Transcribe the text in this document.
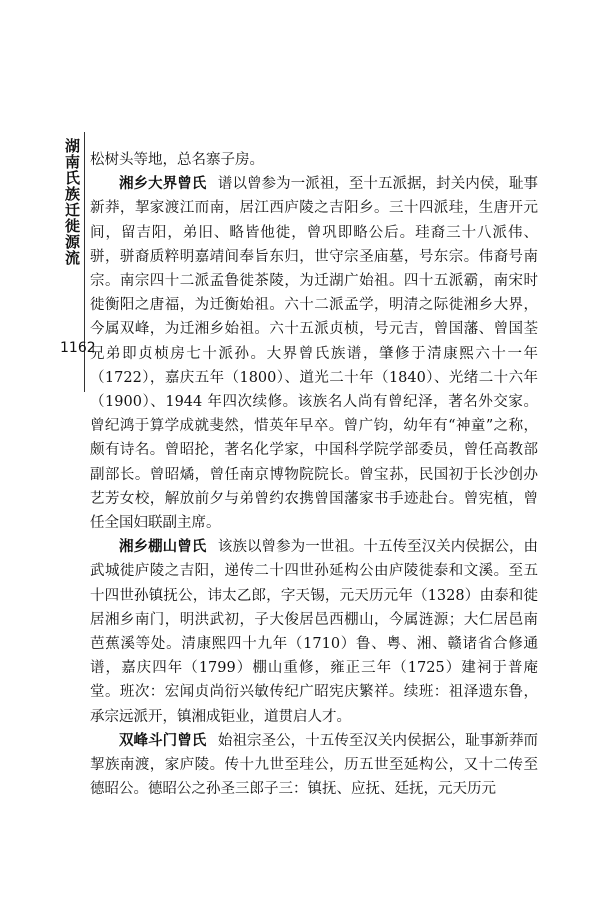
湖南氏族迁徙源流
1162

松树头等地，总名寨子房。

湘乡大界曾氏 谱以曾参为一派祖，至十五派据，封关内侯，耻事新莽，挈家渡江而南，居江西庐陵之吉阳乡。三十四派珪，生唐开元间，留吉阳，弟旧、略皆他徙，曾巩即略公后。珪裔三十八派伟、骈，骈裔质粹明嘉靖间奉旨东归，世守宗圣庙墓，号东宗。伟裔号南宗。南宗四十二派孟鲁徙茶陵，为迁湖广始祖。四十五派霸，南宋时徙衡阳之唐福，为迁衡始祖。六十二派孟学，明清之际徙湘乡大界，今属双峰，为迁湘乡始祖。六十五派贞桢，号元吉，曾国藩、曾国荃兄弟即贞桢房七十派孙。大界曾氏族谱，肇修于清康熙六十一年（1722），嘉庆五年（1800）、道光二十年（1840）、光绪二十六年（1900）、1944 年四次续修。该族名人尚有曾纪泽，著名外交家。曾纪鸿于算学成就斐然，惜英年早卒。曾广钧，幼年有“神童”之称，颇有诗名。曾昭抡，著名化学家，中国科学院学部委员，曾任高教部副部长。曾昭燏，曾任南京博物院院长。曾宝荪，民国初于长沙创办艺芳女校，解放前夕与弟曾约农携曾国藩家书手迹赴台。曾宪植，曾任全国妇联副主席。

湘乡棚山曾氏 该族以曾参为一世祖。十五传至汉关内侯据公，由武城徙庐陵之吉阳，递传二十四世孙延构公由庐陵徙泰和文溪。至五十四世孙镇抚公，讳太乙郎，字天锡，元天历元年（1328）由泰和徙居湘乡南门，明洪武初，子大俊居邑西棚山，今属涟源；大仁居邑南芭蕉溪等处。清康熙四十九年（1710）鲁、粤、湘、赣诸省合修通谱，嘉庆四年（1799）棚山重修，雍正三年（1725）建祠于普庵堂。班次：宏闻贞尚衍兴敏传纪广昭宪庆繁祥。续班：祖泽遗东鲁，承宗远派开，镇湘成钜业，道贯启人才。

双峰斗门曾氏 始祖宗圣公，十五传至汉关内侯据公，耻事新莽而挈族南渡，家庐陵。传十九世至珪公，历五世至延构公，又十二传至德昭公。德昭公之孙圣三郎子三：镇抚、应抚、廷抚，元天历元
